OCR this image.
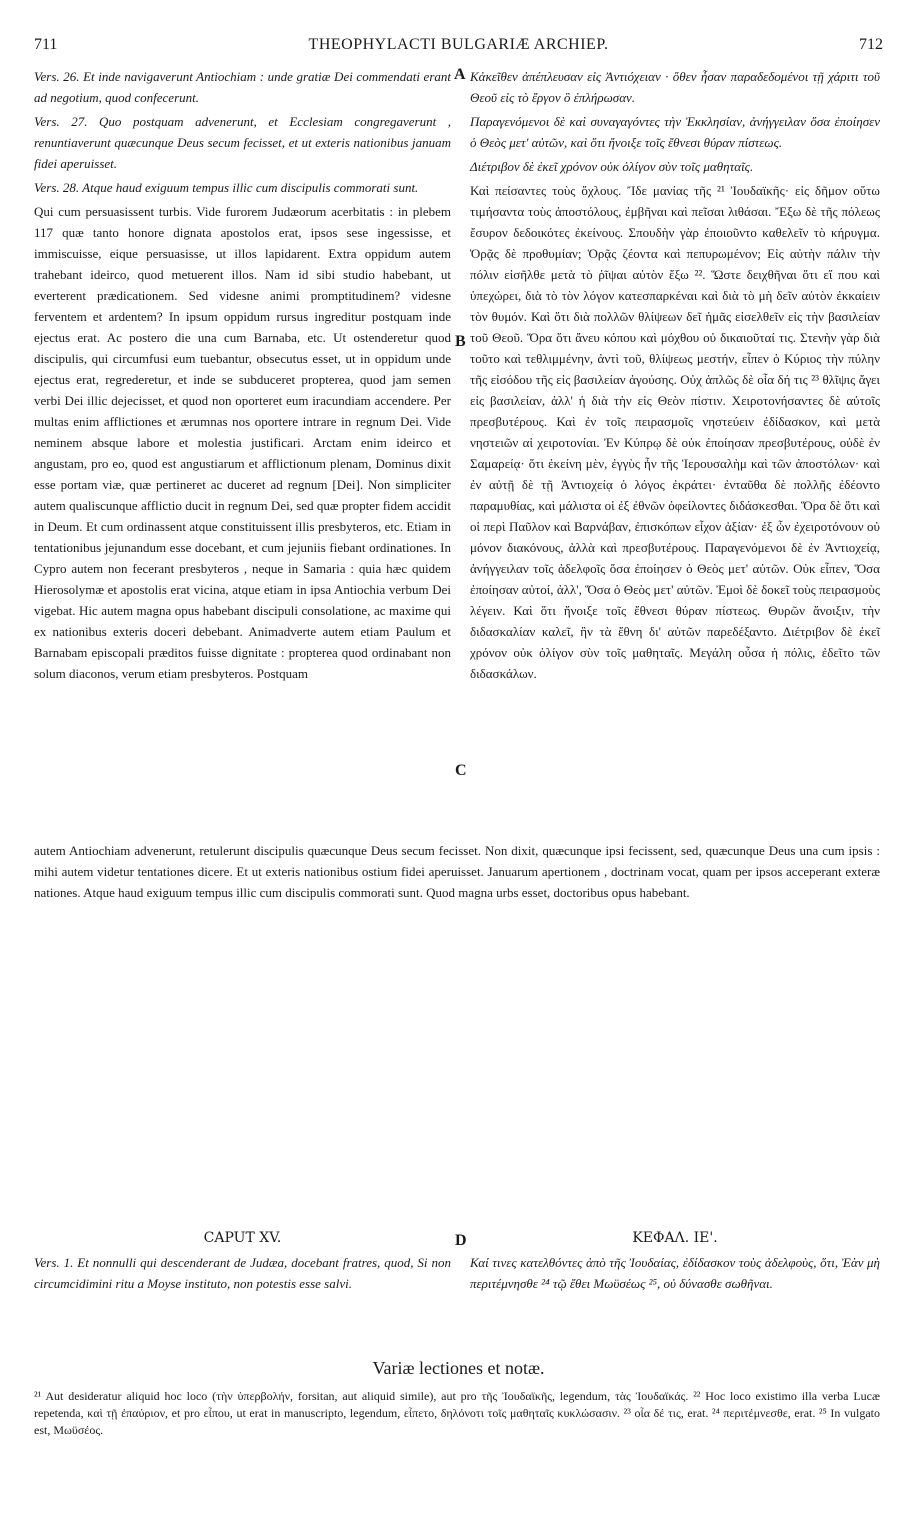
711	THEOPHYLACTI BULGARIÆ ARCHIEP.	712

Vers. 26. Et inde navigaverunt Antiochiam : unde gratiæ Dei commendati erant ad negotium, quod confecerunt.

Vers. 27. Quo postquam advenerunt, et Ecclesiam congregaverunt , renuntiaverunt quæcunque Deus secum fecisset, et ut exteris nationibus januam fidei aperuisset.

Vers. 28. Atque haud exiguum tempus illic cum discipulis commorati sunt.

Qui cum persuasissent turbis. Vide furorem Judæorum acerbitatis : in plebem 117 quæ tanto honore dignata apostolos erat, ipsos sese ingessisse, et immiscuisse, eique persuasisse, ut illos lapidarent. Extra oppidum autem trahebant ideirco, quod metuerent illos. Nam id sibi studio habebant, ut everterent prædicationem. Sed videsne animi promptitudinem? videsne ferventem et ardentem? In ipsum oppidum rursus ingreditur postquam inde ejectus erat. Ac postero die una cum Barnaba, etc. Ut ostenderetur quod discipulis, qui circumfusi eum tuebantur, obsecutus esset, ut in oppidum unde ejectus erat, regrederetur, et inde se subduceret propterea, quod jam semen verbi Dei illic dejecisset, et quod non oporteret eum iracundiam accendere. Per multas enim afflictiones et ærumnas nos oportere intrare in regnum Dei. Vide neminem absque labore et molestia justificari. Arctam enim ideirco et angustam, pro eo, quod est angustiarum et afflictionum plenam, Dominus dixit esse portam viæ, quæ pertineret ac duceret ad regnum [Dei]. Non simpliciter autem qualiscunque afflictio ducit in regnum Dei, sed quæ propter fidem accidit in Deum. Et cum ordinassent atque constituissent illis presbyteros, etc. Etiam in tentationibus jejunandum esse docebant, et cum jejuniis fiebant ordinationes. In Cypro autem non fecerant presbyteros , neque in Samaria : quia hæc quidem Hierosolymæ et apostolis erat vicina, atque etiam in ipsa Antiochia verbum Dei vigebat. Hic autem magna opus habebant discipuli consolatione, ac maxime qui ex nationibus exteris doceri debebant. Animadverte autem etiam Paulum et Barnabam episcopali præditos fuisse dignitate : propterea quod ordinabant non solum diaconos, verum etiam presbyteros. Postquam

Κἀκεῖθεν ἀπέπλευσαν εἰς Ἀντιόχειαν · ὅθεν ἦσαν παραδεδομένοι τῇ χάριτι τοῦ Θεοῦ εἰς τὸ ἔργον ὃ ἐπλήρωσαν.

Παραγενόμενοι δὲ καὶ συναγαγόντες τὴν Ἐκκλησίαν, ἀνήγγειλαν ὅσα ἐποίησεν ὁ Θεὸς μετ' αὐτῶν, καὶ ὅτι ἤνοιξε τοῖς ἔθνεσι θύραν πίστεως.

Διέτριβον δὲ ἐκεῖ χρόνον οὐκ ὀλίγον σὺν τοῖς μαθηταῖς.

Καὶ πείσαντες τοὺς ὄχλους. Ἴδε μανίας τῆς ²¹ Ἰουδαϊκῆς· εἰς δῆμον οὕτω τιμήσαντα τοὺς ἀποστόλους, ἐμβῆναι καὶ πεῖσαι λιθάσαι. Ἔξω δὲ τῆς πόλεως ἔσυρον δεδοικότες ἐκείνους. Σπουδὴν γὰρ ἐποιοῦντο καθελεῖν τὸ κήρυγμα. Ὁρᾷς δὲ προθυμίαν; Ὁρᾷς ζέοντα καὶ πεπυρωμένον; Εἰς αὐτὴν πάλιν τὴν πόλιν εἰσῆλθε μετὰ τὸ ῥῖψαι αὐτὸν ἔξω ²². Ὥστε δειχθῆναι ὅτι εἴ που καὶ ὑπεχώρει, διὰ τὸ τὸν λόγον κατεσπαρκέναι καὶ διὰ τὸ μὴ δεῖν αὐτὸν ἐκκαίειν τὸν θυμόν. Καὶ ὅτι διὰ πολλῶν θλίψεων δεῖ ἡμᾶς εἰσελθεῖν εἰς τὴν βασιλείαν τοῦ Θεοῦ. Ὅρα ὅτι ἄνευ κόπου καὶ μόχθου οὐ δικαιοῦταί τις. Στενὴν γὰρ διὰ τοῦτο καὶ τεθλιμμένην, ἀντὶ τοῦ, θλίψεως μεστήν, εἶπεν ὁ Κύριος τὴν πύλην τῆς εἰσόδου τῆς εἰς βασιλείαν ἀγούσης. Οὐχ ἁπλῶς δὲ οἷα δή τις ²³ θλῖψις ἄγει εἰς βασιλείαν, ἀλλ' ἡ διὰ τὴν εἰς Θεὸν πίστιν. Χειροτονήσαντες δὲ αὐτοῖς πρεσβυτέρους. Καὶ ἐν τοῖς πειρασμοῖς νηστεύειν ἐδίδασκον, καὶ μετὰ νηστειῶν αἱ χειροτονίαι. Ἐν Κύπρῳ δὲ οὐκ ἐποίησαν πρεσβυτέρους, οὐδὲ ἐν Σαμαρείᾳ· ὅτι ἐκείνη μὲν, ἐγγὺς ἦν τῆς Ἱερουσαλὴμ καὶ τῶν ἀποστόλων· καὶ ἐν αὐτῇ δὲ τῇ Ἀντιοχείᾳ ὁ λόγος ἐκράτει· ἐνταῦθα δὲ πολλῆς ἐδέοντο παραμυθίας, καὶ μάλιστα οἱ ἐξ ἐθνῶν ὀφείλοντες διδάσκεσθαι. Ὅρα δὲ ὅτι καὶ οἱ περὶ Παῦλον καὶ Βαρνάβαν, ἐπισκόπων εἶχον ἀξίαν· ἐξ ὧν ἐχειροτόνουν οὐ μόνον διακόνους, ἀλλὰ καὶ πρεσβυτέρους. Παραγενόμενοι δὲ ἐν Ἀντιοχείᾳ, ἀνήγγειλαν τοῖς ἀδελφοῖς ὅσα ἐποίησεν ὁ Θεὸς μετ' αὐτῶν. Οὐκ εἶπεν, Ὅσα ἐποίησαν αὐτοί, ἀλλ', Ὅσα ὁ Θεὸς μετ' αὐτῶν. Ἐμοὶ δὲ δοκεῖ τοὺς πειρασμοὺς λέγειν. Καὶ ὅτι ἤνοιξε τοῖς ἔθνεσι θύραν πίστεως. Θυρῶν ἄνοιξιν, τὴν διδασκαλίαν καλεῖ, ἣν τὰ ἔθνη δι' αὐτῶν παρεδέξαντο. Διέτριβον δὲ ἐκεῖ χρόνον οὐκ ὀλίγον σὺν τοῖς μαθηταῖς. Μεγάλη οὖσα ἡ πόλις, ἐδεῖτο τῶν διδασκάλων.

A
B
C
D
autem Antiochiam advenerunt, retulerunt discipulis quæcunque Deus secum fecisset. Non dixit, quæcunque ipsi fecissent, sed, quæcunque Deus una cum ipsis : mihi autem videtur tentationes dicere. Et ut exteris nationibus ostium fidei aperuisset. Januarum apertionem , doctrinam vocat, quam per ipsos acceperant exteræ nationes. Atque haud exiguum tempus illic cum discipulis commorati sunt. Quod magna urbs esset, doctoribus opus habebant.
CAPUT XV.	ΚΕΦΑΛ. ΙΕ'.
Vers. 1. Et nonnulli qui descenderant de Judæa, docebant fratres, quod, Si non circumcidimini ritu a Moyse instituto, non potestis esse salvi.
Καί τινες κατελθόντες ἀπὸ τῆς Ἰουδαίας, ἐδίδασκον τοὺς ἀδελφοὺς, ὅτι, Ἐὰν μὴ περιτέμνησθε ²⁴ τῷ ἔθει Μωϋσέως ²⁵, οὐ δύνασθε σωθῆναι.
Variæ lectiones et notæ.

²¹ Aut desideratur aliquid hoc loco (τὴν ὑπερβολήν, forsitan, aut aliquid simile), aut pro τῆς Ἰουδαϊκῆς, legendum, τὰς Ἰουδαϊκάς. ²² Hoc loco existimo illa verba Lucæ repetenda, καὶ τῇ ἐπαύριον, et pro εἶπου, ut erat in manuscripto, legendum, εἶπετο, δηλόνοτι τοῖς μαθηταῖς κυκλώσασιν. ²³ οἷα δέ τις, erat. ²⁴ περιτέμνεσθε, erat. ²⁵ In vulgato est, Μωϋσέος.
